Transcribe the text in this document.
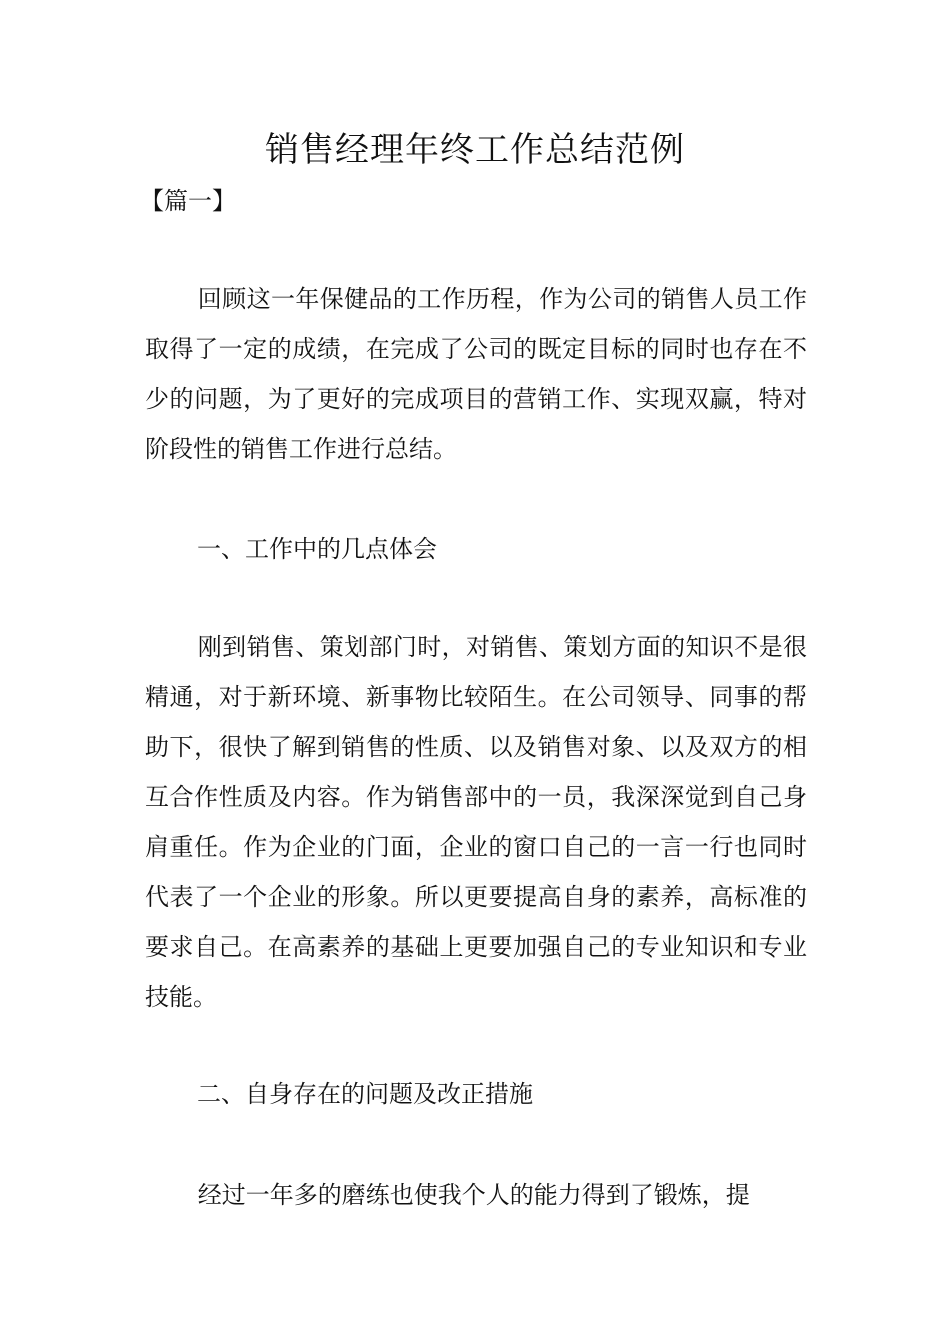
销售经理年终工作总结范例
【篇一】

回顾这一年保健品的工作历程，作为公司的销售人员工作取得了一定的成绩，在完成了公司的既定目标的同时也存在不少的问题，为了更好的完成项目的营销工作、实现双赢，特对阶段性的销售工作进行总结。

一、工作中的几点体会

刚到销售、策划部门时，对销售、策划方面的知识不是很精通，对于新环境、新事物比较陌生。在公司领导、同事的帮助下，很快了解到销售的性质、以及销售对象、以及双方的相互合作性质及内容。作为销售部中的一员，我深深觉到自己身肩重任。作为企业的门面，企业的窗口自己的一言一行也同时代表了一个企业的形象。所以更要提高自身的素养，高标准的要求自己。在高素养的基础上更要加强自己的专业知识和专业技能。

二、自身存在的问题及改正措施

经过一年多的磨练也使我个人的能力得到了锻炼，提
